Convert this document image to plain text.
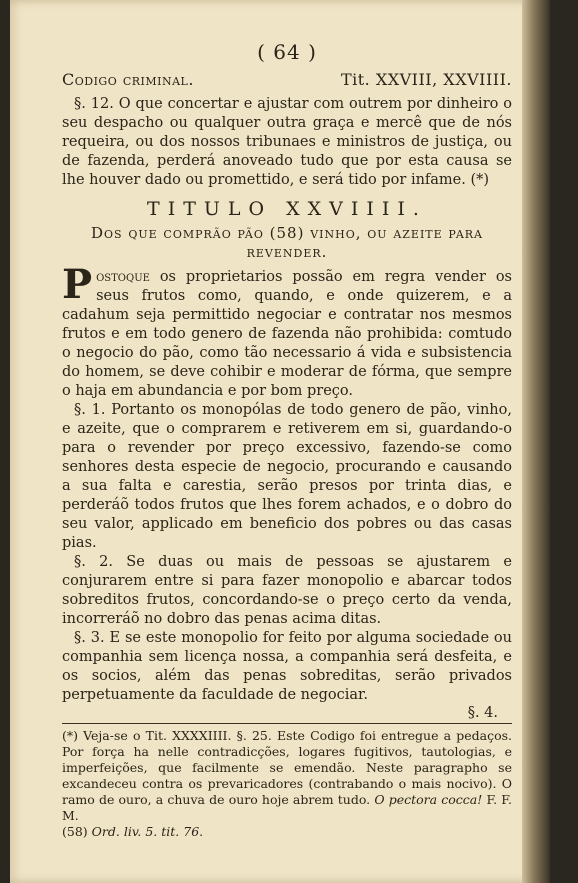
( 64 )
Codigo criminal.	Tit. XXVIII, XXVIIII.

§. 12. O que concertar e ajustar com outrem por dinheiro o seu despacho ou qualquer outra graça e mercê que de nós requeira, ou dos nossos tribunaes e ministros de justiça, ou de fazenda, perderá anoveado tudo que por esta causa se lhe houver dado ou promettido, e será tido por infame. (*)

TITULO XXVIIII.
Dos que comprão pão (58) vinho, ou azeite para revender.

Postoque os proprietarios possão em regra vender os seus frutos como, quando, e onde quizerem, e a cadahum seja permittido negociar e contratar nos mesmos frutos e em todo genero de fazenda não prohibida: comtudo o negocio do pão, como tão necessario á vida e subsistencia do homem, se deve cohibir e moderar de fórma, que sempre o haja em abundancia e por bom preço.

§. 1. Portanto os monopólas de todo genero de pão, vinho, e azeite, que o comprarem e retiverem em si, guardando-o para o revender por preço excessivo, fazendo-se como senhores desta especie de negocio, procurando e causando a sua falta e carestia, serão presos por trinta dias, e perderáõ todos frutos que lhes forem achados, e o dobro do seu valor, applicado em beneficio dos pobres ou das casas pias.

§. 2. Se duas ou mais de pessoas se ajustarem e conjurarem entre si para fazer monopolio e abarcar todos sobreditos frutos, concordando-se o preço certo da venda, incorreráõ no dobro das penas acima ditas.

§. 3. E se este monopolio for feito por alguma sociedade ou companhia sem licença nossa, a companhia será desfeita, e os socios, além das penas sobreditas, serão privados perpetuamente da faculdade de negociar.

§. 4.
(*) Veja-se o Tit. XXXXIIII. §. 25. Este Codigo foi entregue a pedaços. Por força ha nelle contradicções, logares fugitivos, tautologias, e imperfeições, que facilmente se emendão. Neste paragrapho se excandeceu contra os prevaricadores (contrabando o mais nocivo). O ramo de ouro, a chuva de ouro hoje abrem tudo. O pectora cocca! F. F. M.
(58) Ord. liv. 5. tit. 76.
